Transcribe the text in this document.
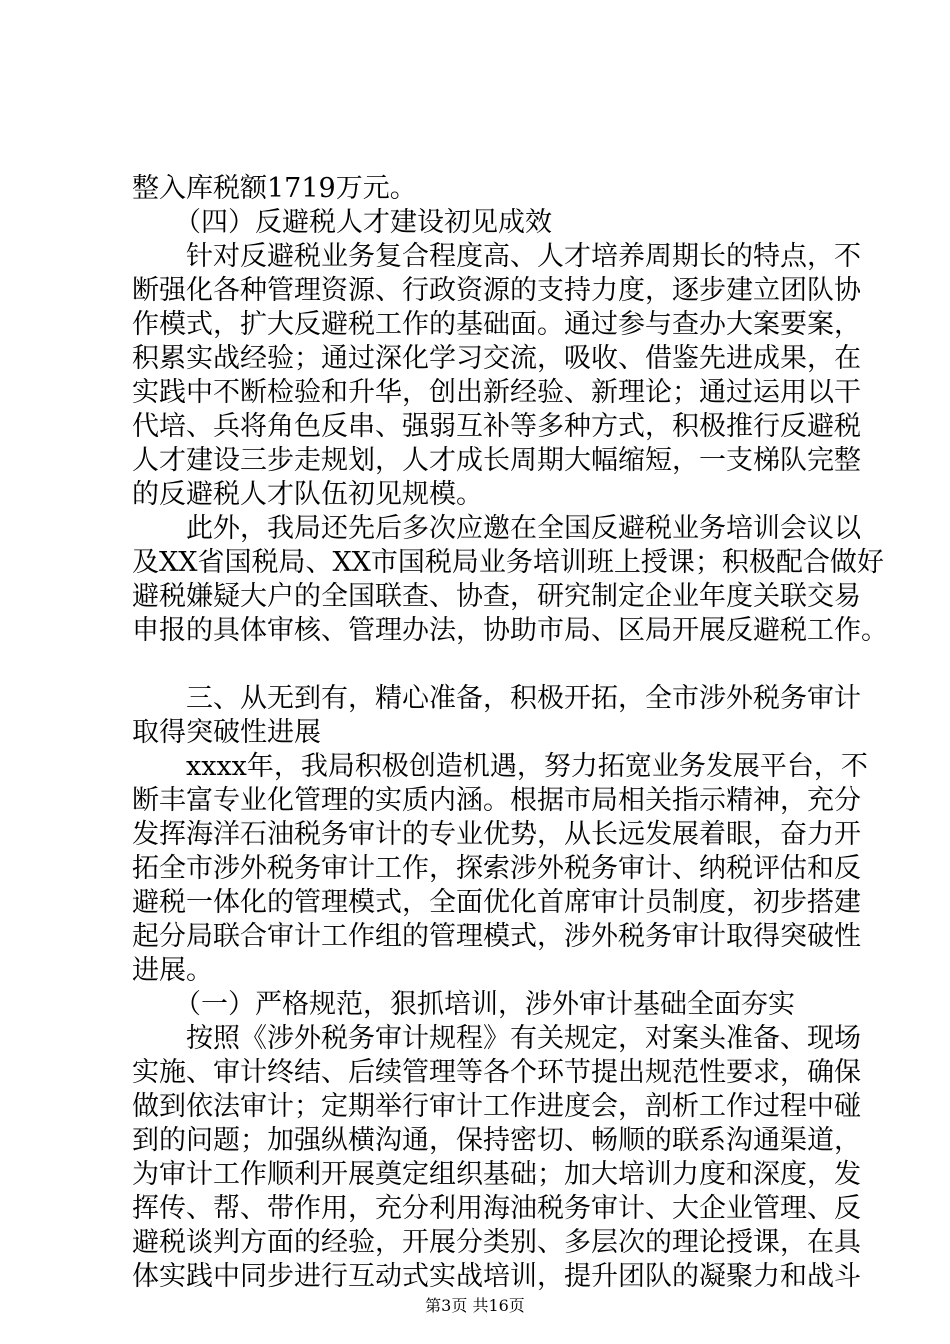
整入库税额1719万元。
（四）反避税人才建设初见成效
针对反避税业务复合程度高、人才培养周期长的特点，不
断强化各种管理资源、行政资源的支持力度，逐步建立团队协
作模式，扩大反避税工作的基础面。通过参与查办大案要案，
积累实战经验；通过深化学习交流，吸收、借鉴先进成果，在
实践中不断检验和升华，创出新经验、新理论；通过运用以干
代培、兵将角色反串、强弱互补等多种方式，积极推行反避税
人才建设三步走规划，人才成长周期大幅缩短，一支梯队完整
的反避税人才队伍初见规模。
此外，我局还先后多次应邀在全国反避税业务培训会议以
及XX省国税局、XX市国税局业务培训班上授课；积极配合做好
避税嫌疑大户的全国联查、协查，研究制定企业年度关联交易
申报的具体审核、管理办法，协助市局、区局开展反避税工作。
三、从无到有，精心准备，积极开拓，全市涉外税务审计
取得突破性进展
xxxx年，我局积极创造机遇，努力拓宽业务发展平台，不
断丰富专业化管理的实质内涵。根据市局相关指示精神，充分
发挥海洋石油税务审计的专业优势，从长远发展着眼，奋力开
拓全市涉外税务审计工作，探索涉外税务审计、纳税评估和反
避税一体化的管理模式，全面优化首席审计员制度，初步搭建
起分局联合审计工作组的管理模式，涉外税务审计取得突破性
进展。
（一）严格规范，狠抓培训，涉外审计基础全面夯实
按照《涉外税务审计规程》有关规定，对案头准备、现场
实施、审计终结、后续管理等各个环节提出规范性要求，确保
做到依法审计；定期举行审计工作进度会，剖析工作过程中碰
到的问题；加强纵横沟通，保持密切、畅顺的联系沟通渠道，
为审计工作顺利开展奠定组织基础；加大培训力度和深度，发
挥传、帮、带作用，充分利用海油税务审计、大企业管理、反
避税谈判方面的经验，开展分类别、多层次的理论授课，在具
体实践中同步进行互动式实战培训，提升团队的凝聚力和战斗
第3页 共16页
